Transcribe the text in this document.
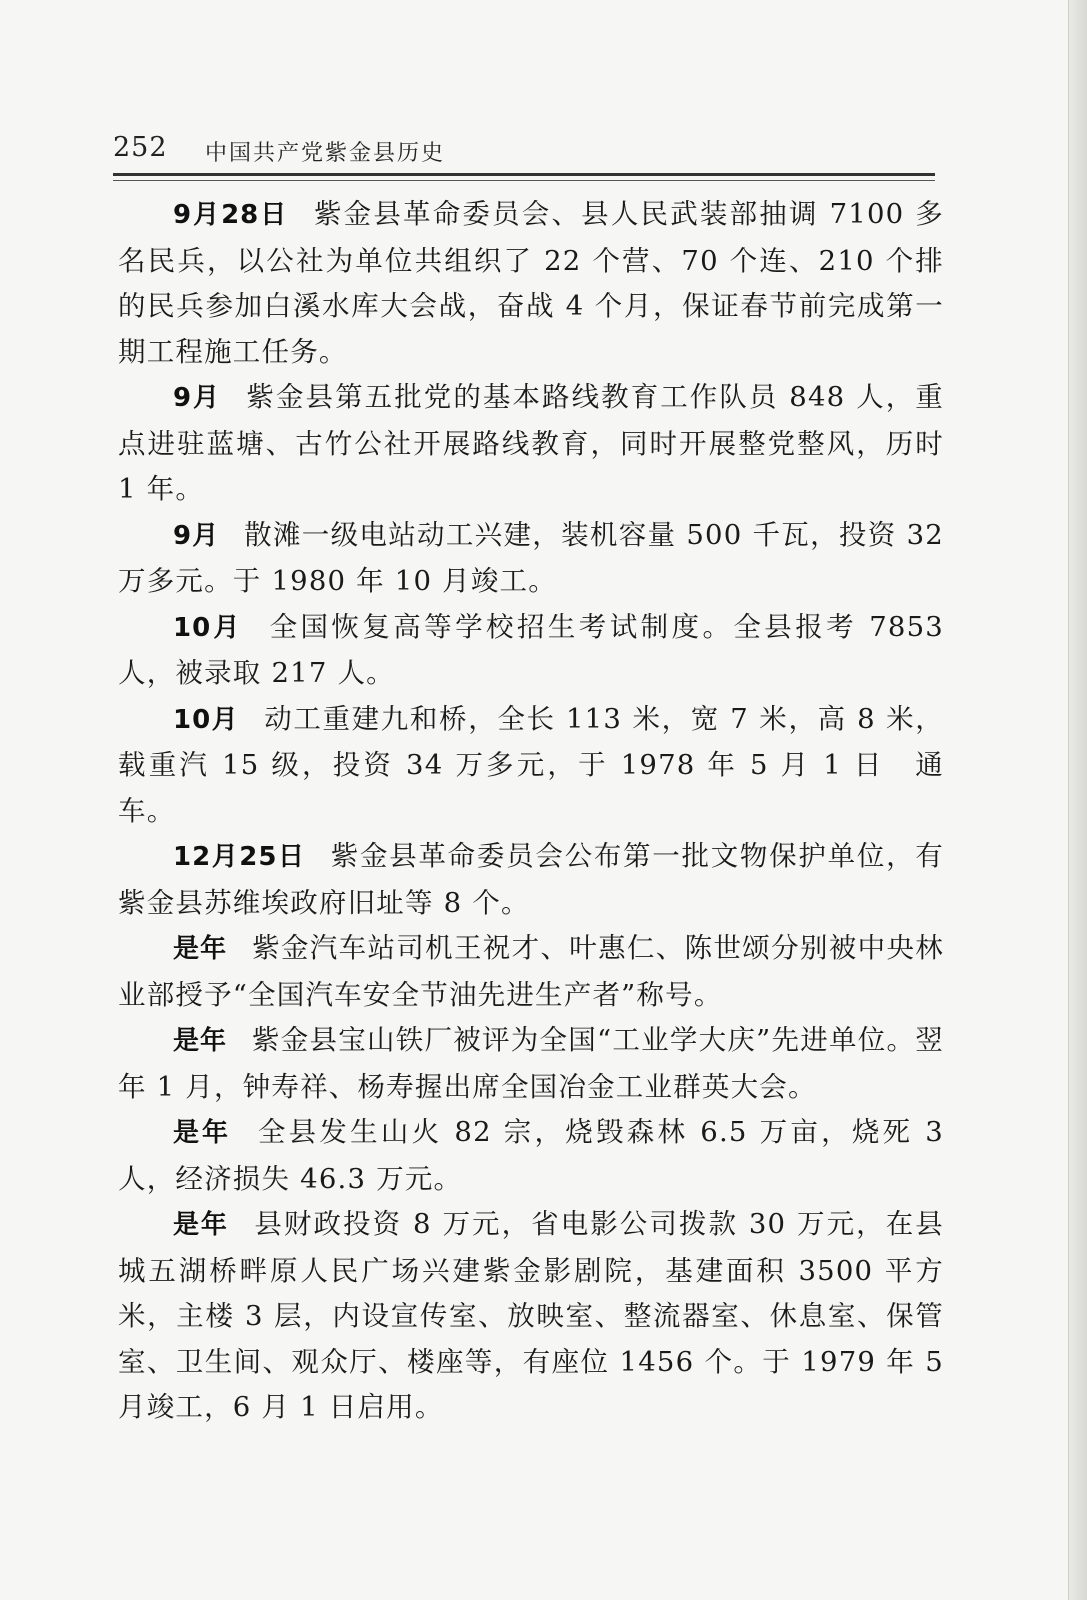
252 中国共产党紫金县历史

9月28日 紫金县革命委员会、县人民武装部抽调 7100 多名民兵，以公社为单位共组织了 22 个营、70 个连、210 个排的民兵参加白溪水库大会战，奋战 4 个月，保证春节前完成第一期工程施工任务。

9月 紫金县第五批党的基本路线教育工作队员 848 人，重点进驻蓝塘、古竹公社开展路线教育，同时开展整党整风，历时 1 年。

9月 散滩一级电站动工兴建，装机容量 500 千瓦，投资 32 万多元。于 1980 年 10 月竣工。

10月 全国恢复高等学校招生考试制度。全县报考 7853 人，被录取 217 人。

10月 动工重建九和桥，全长 113 米，宽 7 米，高 8 米，载重汽 15 级，投资 34 万多元，于 1978 年 5 月 1 日　通车。

12月25日 紫金县革命委员会公布第一批文物保护单位，有紫金县苏维埃政府旧址等 8 个。

是年 紫金汽车站司机王祝才、叶惠仁、陈世颂分别被中央林业部授予“全国汽车安全节油先进生产者”称号。

是年 紫金县宝山铁厂被评为全国“工业学大庆”先进单位。翌年 1 月，钟寿祥、杨寿握出席全国冶金工业群英大会。

是年 全县发生山火 82 宗，烧毁森林 6.5 万亩，烧死 3 人，经济损失 46.3 万元。

是年 县财政投资 8 万元，省电影公司拨款 30 万元，在县城五湖桥畔原人民广场兴建紫金影剧院，基建面积 3500 平方米，主楼 3 层，内设宣传室、放映室、整流器室、休息室、保管室、卫生间、观众厅、楼座等，有座位 1456 个。于 1979 年 5 月竣工，6 月 1 日启用。
